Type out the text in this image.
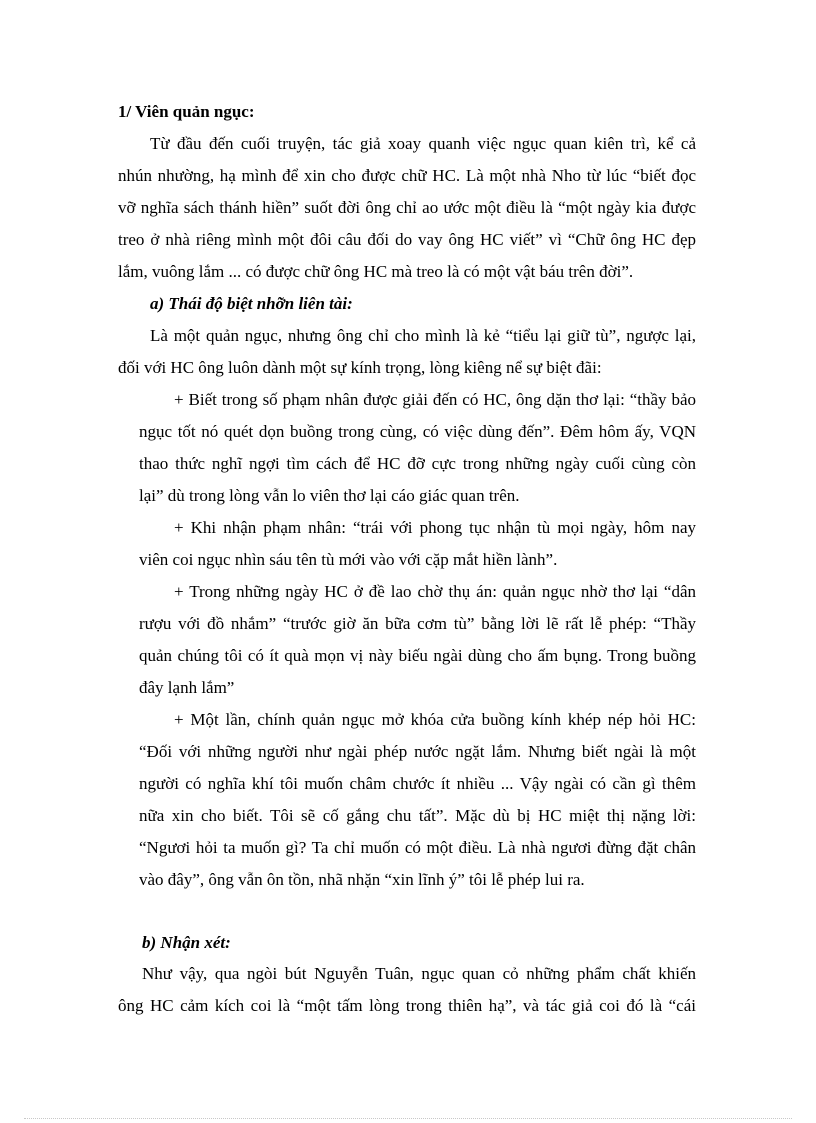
1/ Viên quản ngục:
Từ đầu đến cuối truyện, tác giả xoay quanh việc ngục quan kiên trì, kể cả
nhún nhường, hạ mình để xin cho được chữ HC. Là một nhà Nho từ lúc “biết đọc
vỡ nghĩa sách thánh hiền” suốt đời ông chỉ ao ước một điều là “một ngày kia được
treo ở nhà riêng mình một đôi câu đối do vay ông HC viết” vì “Chữ ông HC đẹp
lắm, vuông lắm ... có được chữ ông HC mà treo là có một vật báu trên đời”.
a) Thái độ biệt nhỡn liên tài:
Là một quản ngục, nhưng ông chỉ cho mình là kẻ “tiểu lại giữ tù”, ngược lại,
đối với HC ông luôn dành một sự kính trọng, lòng kiêng nể sự biệt đãi:
+ Biết trong số phạm nhân được giải đến có HC, ông dặn thơ lại: “thầy bảo
ngục tốt nó quét dọn buồng trong cùng, có việc dùng đến”. Đêm hôm ấy, VQN
thao thức nghĩ ngợi tìm cách để HC đỡ cực trong những ngày cuối cùng còn
lại” dù trong lòng vẫn lo viên thơ lại cáo giác quan trên.
+ Khi nhận phạm nhân: “trái với phong tục nhận tù mọi ngày, hôm nay
viên coi ngục nhìn sáu tên tù mới vào với cặp mắt hiền lành”.
+ Trong những ngày HC ở đề lao chờ thụ án: quản ngục nhờ thơ lại “dân
rượu với đồ nhắm” “trước giờ ăn bữa cơm tù” bằng lời lẽ rất lễ phép: “Thầy
quản chúng tôi có ít quà mọn vị này biếu ngài dùng cho ấm bụng. Trong buồng
đây lạnh lắm”
+ Một lần, chính quản ngục mở khóa cửa buồng kính khép nép hỏi HC:
“Đối với những người như ngài phép nước ngặt lắm. Nhưng biết ngài là một
người có nghĩa khí tôi muốn châm chước ít nhiều ... Vậy ngài có cần gì thêm
nữa xin cho biết. Tôi sẽ cố gắng chu tất”. Mặc dù bị HC miệt thị nặng lời:
“Ngươi hỏi ta muốn gì? Ta chỉ muốn có một điều. Là nhà ngươi đừng đặt chân
vào đây”, ông vẫn ôn tồn, nhã nhặn “xin lĩnh ý” tôi lễ phép lui ra.
b) Nhận xét:
Như vậy, qua ngòi bút Nguyễn Tuân, ngục quan cỏ những phẩm chất khiến
ông HC cảm kích coi là “một tấm lòng trong thiên hạ”, và tác giả coi đó là “cái
